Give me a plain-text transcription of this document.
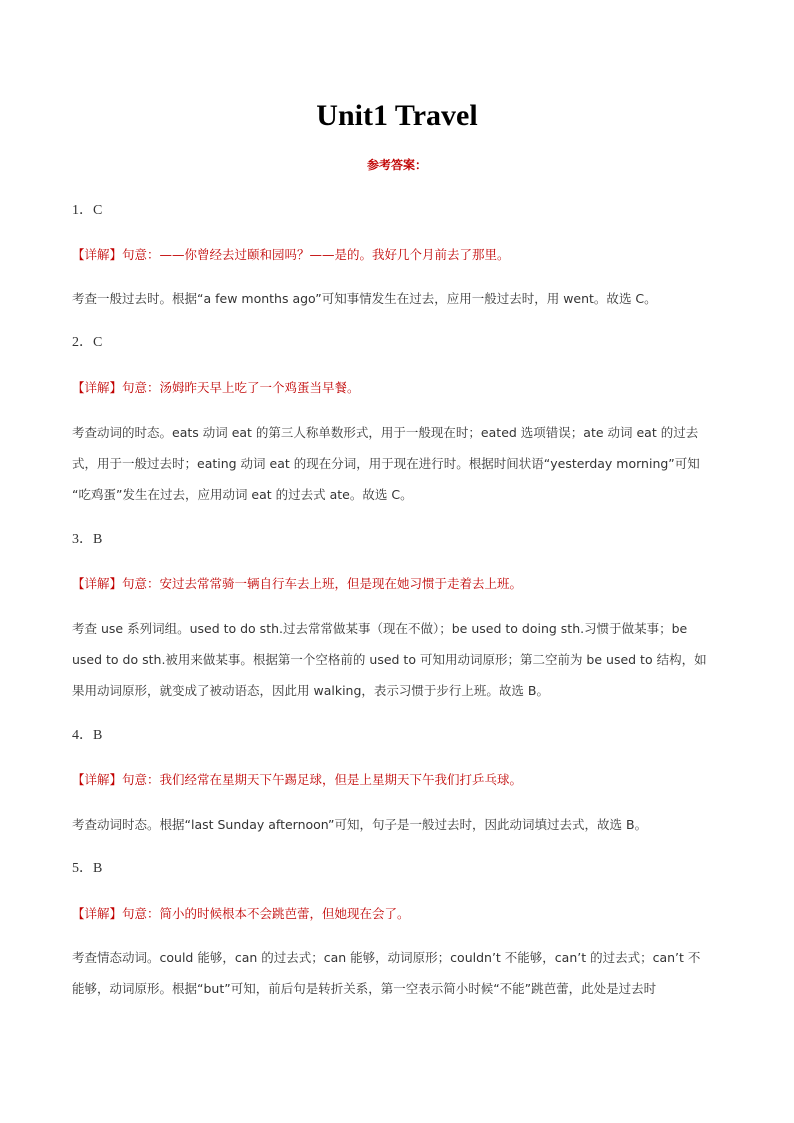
Unit1 Travel
参考答案：
1．C
【详解】句意：——你曾经去过颐和园吗？——是的。我好几个月前去了那里。
考查一般过去时。根据“a few months ago”可知事情发生在过去，应用一般过去时，用 went。故选 C。
2．C
【详解】句意：汤姆昨天早上吃了一个鸡蛋当早餐。
考查动词的时态。eats 动词 eat 的第三人称单数形式，用于一般现在时；eated 选项错误；ate 动词 eat 的过去
式，用于一般过去时；eating 动词 eat 的现在分词，用于现在进行时。根据时间状语“yesterday morning”可知
“吃鸡蛋”发生在过去，应用动词 eat 的过去式 ate。故选 C。
3．B
【详解】句意：安过去常常骑一辆自行车去上班，但是现在她习惯于走着去上班。
考查 use 系列词组。used to do sth.过去常常做某事（现在不做）；be used to doing sth.习惯于做某事；be
used to do sth.被用来做某事。根据第一个空格前的 used to 可知用动词原形；第二空前为 be used to 结构，如
果用动词原形，就变成了被动语态，因此用 walking，表示习惯于步行上班。故选 B。
4．B
【详解】句意：我们经常在星期天下午踢足球，但是上星期天下午我们打乒乓球。
考查动词时态。根据“last Sunday afternoon”可知，句子是一般过去时，因此动词填过去式，故选 B。
5．B
【详解】句意：简小的时候根本不会跳芭蕾，但她现在会了。
考查情态动词。could 能够，can 的过去式；can 能够，动词原形；couldn’t 不能够，can’t 的过去式；can’t 不
能够，动词原形。根据“but”可知，前后句是转折关系，第一空表示简小时候“不能”跳芭蕾，此处是过去时
